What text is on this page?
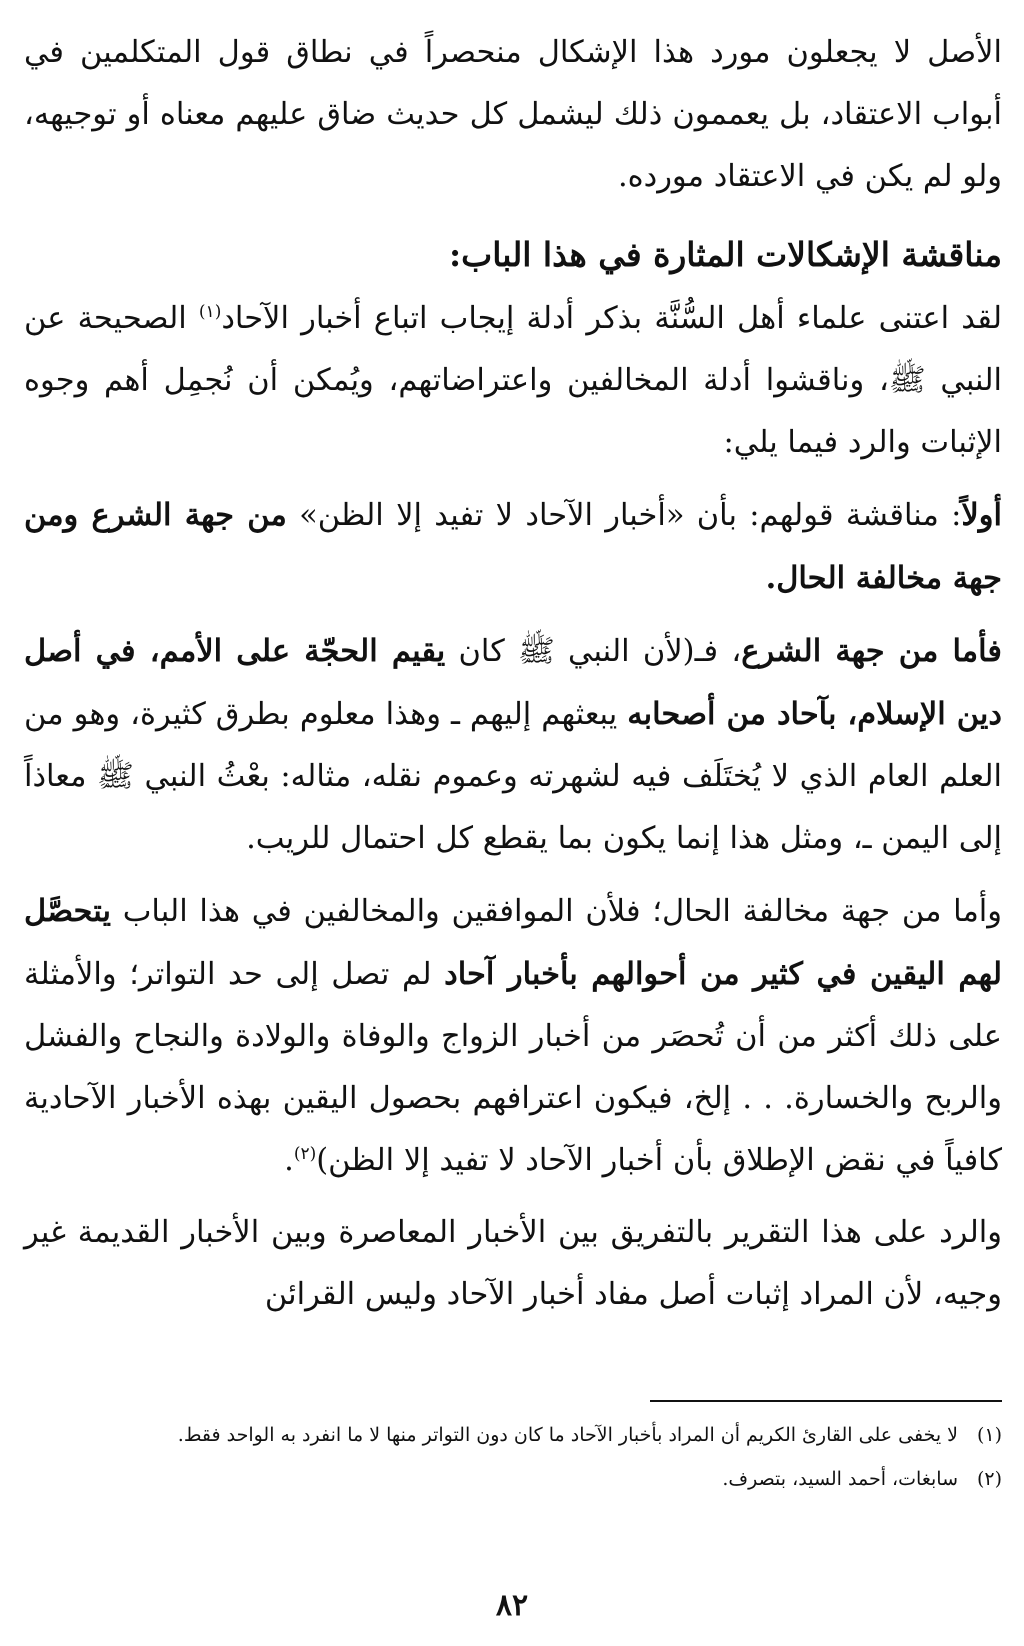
الأصل لا يجعلون مورد هذا الإشكال منحصراً في نطاق قول المتكلمين في أبواب الاعتقاد، بل يعممون ذلك ليشمل كل حديث ضاق عليهم معناه أو توجيهه، ولو لم يكن في الاعتقاد مورده.

مناقشة الإشكالات المثارة في هذا الباب:

لقد اعتنى علماء أهل السُّنَّة بذكر أدلة إيجاب اتباع أخبار الآحاد$^{(١)}$ الصحيحة عن النبي ﷺ، وناقشوا أدلة المخالفين واعتراضاتهم، ويُمكن أن نُجمِل أهم وجوه الإثبات والرد فيما يلي:

أولاً: مناقشة قولهم: بأن «أخبار الآحاد لا تفيد إلا الظن» من جهة الشرع ومن جهة مخالفة الحال.

فأما من جهة الشرع، فـ(لأن النبي ﷺ كان يقيم الحجّة على الأمم، في أصل دين الإسلام، بآحاد من أصحابه يبعثهم إليهم ـ وهذا معلوم بطرق كثيرة، وهو من العلم العام الذي لا يُختَلَف فيه لشهرته وعموم نقله، مثاله: بعْثُ النبي ﷺ معاذاً إلى اليمن ـ، ومثل هذا إنما يكون بما يقطع كل احتمال للريب.

وأما من جهة مخالفة الحال؛ فلأن الموافقين والمخالفين في هذا الباب يتحصَّل لهم اليقين في كثير من أحوالهم بأخبار آحاد لم تصل إلى حد التواتر؛ والأمثلة على ذلك أكثر من أن تُحصَر من أخبار الزواج والوفاة والولادة والنجاح والفشل والربح والخسارة. . . إلخ، فيكون اعترافهم بحصول اليقين بهذه الأخبار الآحادية كافياً في نقض الإطلاق بأن أخبار الآحاد لا تفيد إلا الظن)$^{(٢)}$.

والرد على هذا التقرير بالتفريق بين الأخبار المعاصرة وبين الأخبار القديمة غير وجيه، لأن المراد إثبات أصل مفاد أخبار الآحاد وليس القرائن

(١)
لا يخفى على القارئ الكريم أن المراد بأخبار الآحاد ما كان دون التواتر منها لا ما انفرد به الواحد فقط.
(٢)
سابغات، أحمد السيد، بتصرف.
٨٢
